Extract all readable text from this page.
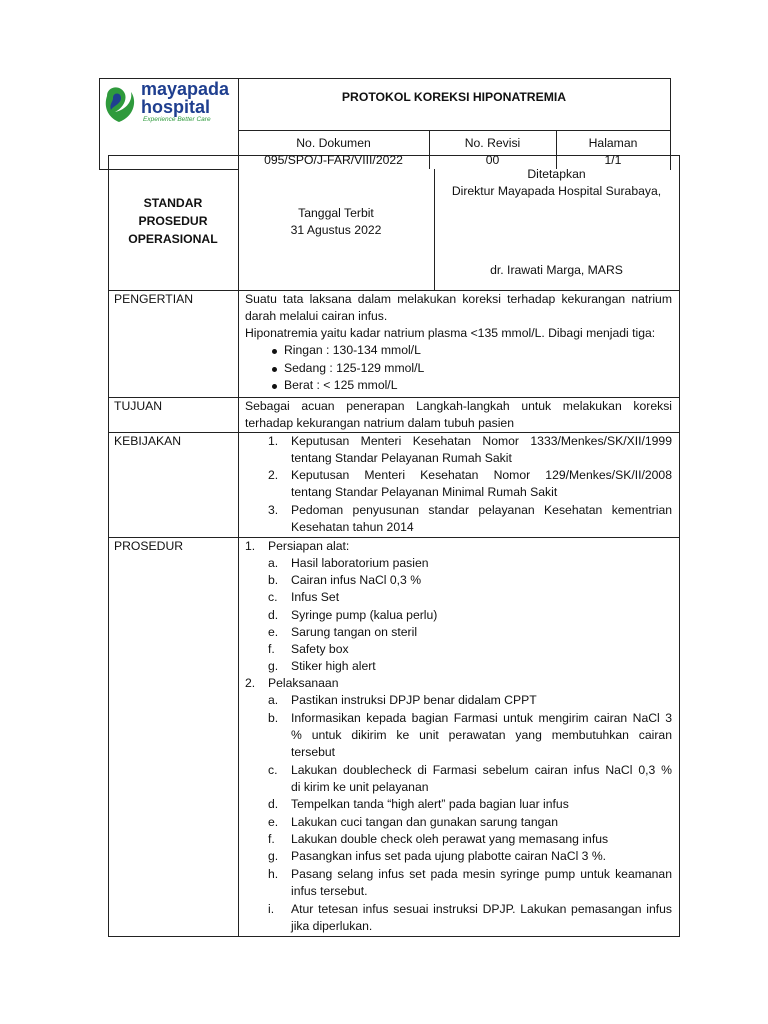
mayapada
hospital
Experience Better Care
PROTOKOL KOREKSI HIPONATREMIA
No. Dokumen	No. Revisi	Halaman
095/SPO/J-FAR/VIII/2022	00	1/1
STANDAR
PROSEDUR
OPERASIONAL
Tanggal Terbit
31 Agustus 2022
Ditetapkan
Direktur Mayapada Hospital Surabaya,
dr. Irawati Marga, MARS
PENGERTIAN	Suatu tata laksana dalam melakukan koreksi terhadap kekurangan natrium
darah melalui cairan infus.
Hiponatremia yaitu kadar natrium plasma <135 mmol/L. Dibagi menjadi tiga:
Ringan : 130-134 mmol/L
Sedang : 125-129 mmol/L
Berat : < 125 mmol/L
TUJUAN	Sebagai acuan penerapan Langkah-langkah untuk melakukan koreksi
terhadap kekurangan natrium dalam tubuh pasien
KEBIJAKAN	1. Keputusan Menteri Kesehatan Nomor 1333/Menkes/SK/XII/1999
tentang Standar Pelayanan Rumah Sakit
2. Keputusan Menteri Kesehatan Nomor 129/Menkes/SK/II/2008
tentang Standar Pelayanan Minimal Rumah Sakit
3. Pedoman penyusunan standar pelayanan Kesehatan kementrian
Kesehatan tahun 2014
PROSEDUR	1. Persiapan alat:
a. Hasil laboratorium pasien
b. Cairan infus NaCl 0,3 %
c. Infus Set
d. Syringe pump (kalua perlu)
e. Sarung tangan on steril
f. Safety box
g. Stiker high alert
2. Pelaksanaan
a. Pastikan instruksi DPJP benar didalam CPPT
b. Informasikan kepada bagian Farmasi untuk mengirim cairan NaCl 3
% untuk dikirim ke unit perawatan yang membutuhkan cairan
tersebut
c. Lakukan doublecheck di Farmasi sebelum cairan infus NaCl 0,3 %
di kirim ke unit pelayanan
d. Tempelkan tanda “high alert” pada bagian luar infus
e. Lakukan cuci tangan dan gunakan sarung tangan
f. Lakukan double check oleh perawat yang memasang infus
g. Pasangkan infus set pada ujung plabotte cairan NaCl 3 %.
h. Pasang selang infus set pada mesin syringe pump untuk keamanan
infus tersebut.
i. Atur tetesan infus sesuai instruksi DPJP. Lakukan pemasangan infus
jika diperlukan.
